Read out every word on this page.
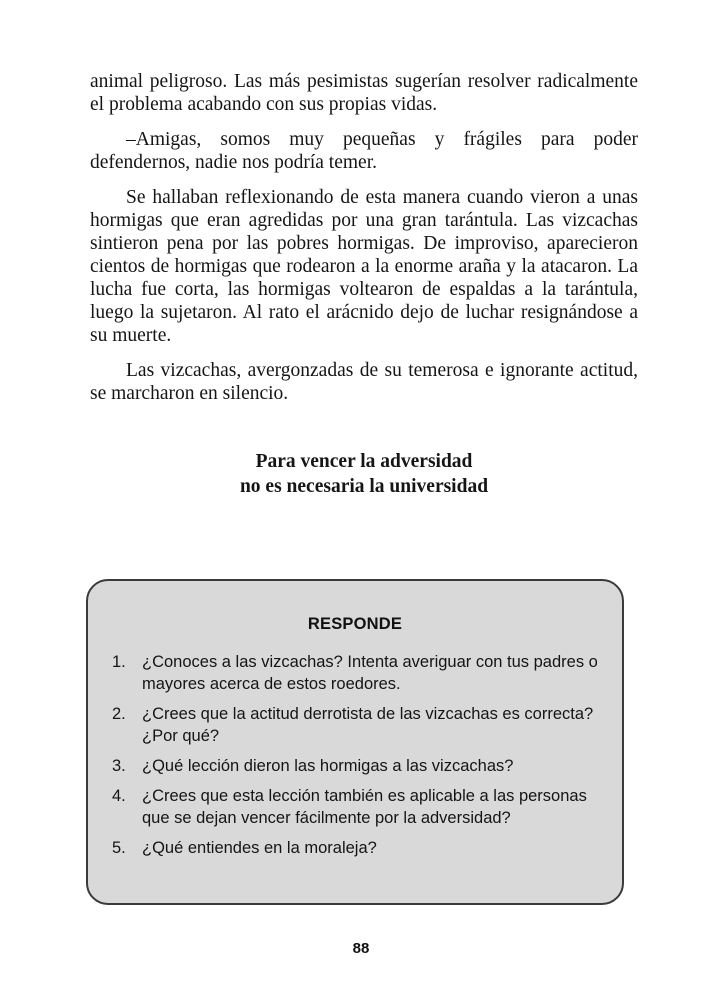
animal peligroso. Las más pesimistas sugerían resolver radicalmente el problema acabando con sus propias vidas.

–Amigas, somos muy pequeñas y frágiles para poder defendernos, nadie nos podría temer.

Se hallaban reflexionando de esta manera cuando vieron a unas hormigas que eran agredidas por una gran tarántula. Las vizcachas sintieron pena por las pobres hormigas. De improviso, aparecieron cientos de hormigas que rodearon a la enorme araña y la atacaron. La lucha fue corta, las hormigas voltearon de espaldas a la tarántula, luego la sujetaron. Al rato el arácnido dejo de luchar resignándose a su muerte.

Las vizcachas, avergonzadas de su temerosa e ignorante actitud, se marcharon en silencio.

Para vencer la adversidad
no es necesaria la universidad
RESPONDE
1. ¿Conoces a las vizcachas? Intenta averiguar con tus padres o mayores acerca de estos roedores.
2. ¿Crees que la actitud derrotista de las vizcachas es correcta? ¿Por qué?
3. ¿Qué lección dieron las hormigas a las vizcachas?
4. ¿Crees que esta lección también es aplicable a las personas que se dejan vencer fácilmente por la adversidad?
5. ¿Qué entiendes en la moraleja?
88
